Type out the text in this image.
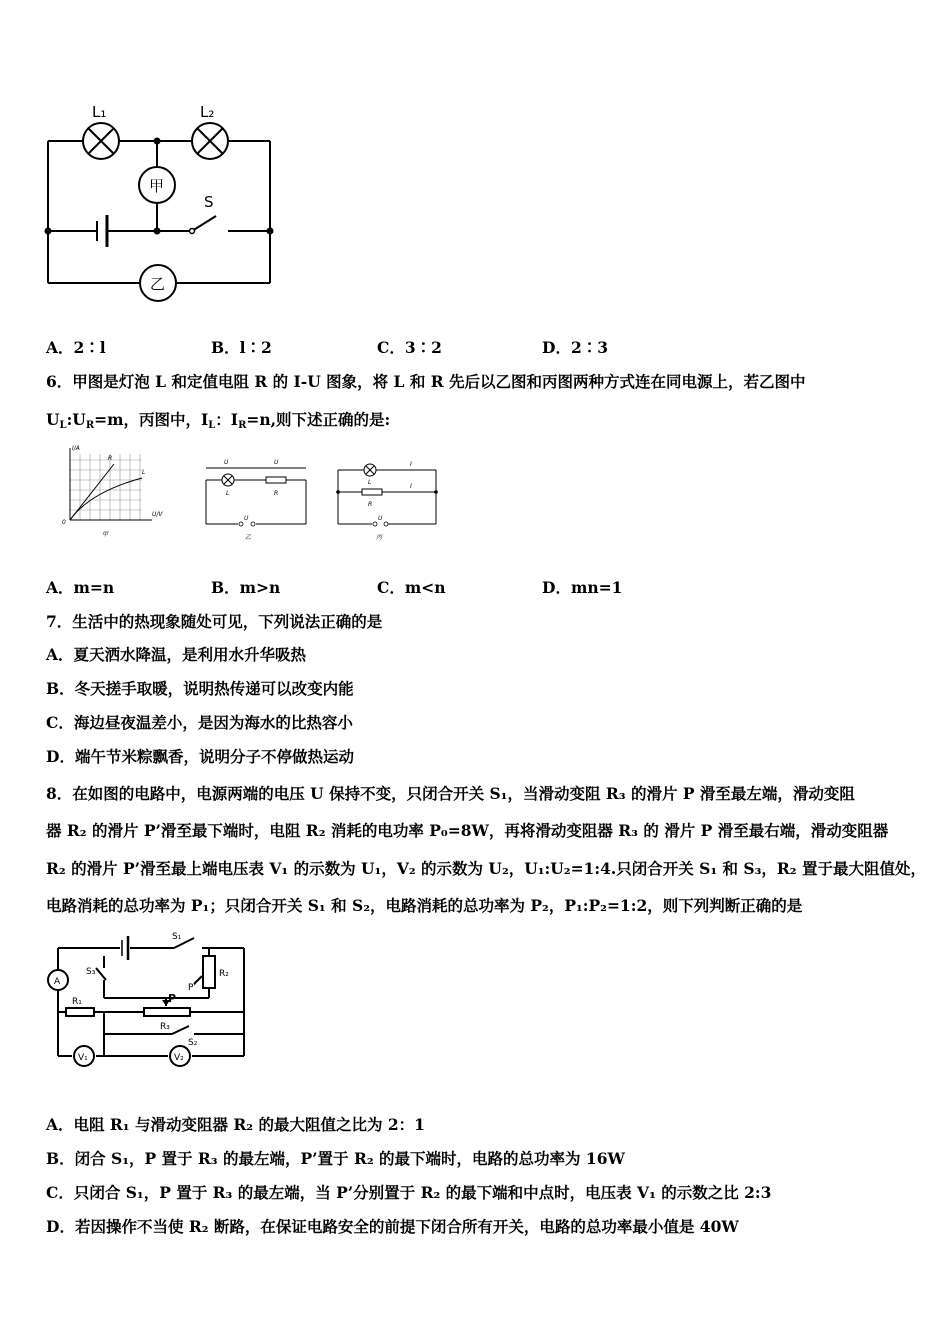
L₁	L₂
S
甲
乙
A．2∶l	B．l∶2	C．3∶2	D．2∶3
6．甲图是灯泡 L 和定值电阻 R 的 I-U 图象，将 L 和 R 先后以乙图和丙图两种方式连在同电源上，若乙图中
$U_L:U_R=m$，丙图中，$I_L$：$I_R=n$,则下述正确的是:
I/A
U/V
0
R
L
甲
U	U
L	R
U
乙
I
I
L
R
U
丙
A．m=n	B．m>n	C．m<n	D．mn=1
7．生活中的热现象随处可见，下列说法正确的是
A．夏天洒水降温，是利用水升华吸热
B．冬天搓手取暖，说明热传递可以改变内能
C．海边昼夜温差小，是因为海水的比热容小
D．端午节米粽飘香，说明分子不停做热运动
8．在如图的电路中，电源两端的电压 U 保持不变，只闭合开关 S₁，当滑动变阻 R₃ 的滑片 P 滑至最左端，滑动变阻
器 R₂ 的滑片 P’滑至最下端时，电阻 R₂ 消耗的电功率 P₀=8W，再将滑动变阻器 R₃ 的 滑片 P 滑至最右端，滑动变阻器
R₂ 的滑片 P’滑至最上端电压表 V₁ 的示数为 U₁，V₂ 的示数为 U₂，U₁:U₂=1:4.只闭合开关 S₁ 和 S₃，R₂ 置于最大阻值处，
电路消耗的总功率为 P₁；只闭合开关 S₁ 和 S₂，电路消耗的总功率为 P₂，P₁:P₂=1:2，则下列判断正确的是
S₁
S₃	R₂
P’
R₁	P
R₃
S₂
A
V₁	V₂
A．电阻 R₁ 与滑动变阻器 R₂ 的最大阻值之比为 2：1
B．闭合 S₁，P 置于 R₃ 的最左端，P’置于 R₂ 的最下端时，电路的总功率为 16W
C．只闭合 S₁，P 置于 R₃ 的最左端，当 P’分别置于 R₂ 的最下端和中点时，电压表 V₁ 的示数之比 2:3
D．若因操作不当使 R₂ 断路，在保证电路安全的前提下闭合所有开关，电路的总功率最小值是 40W
